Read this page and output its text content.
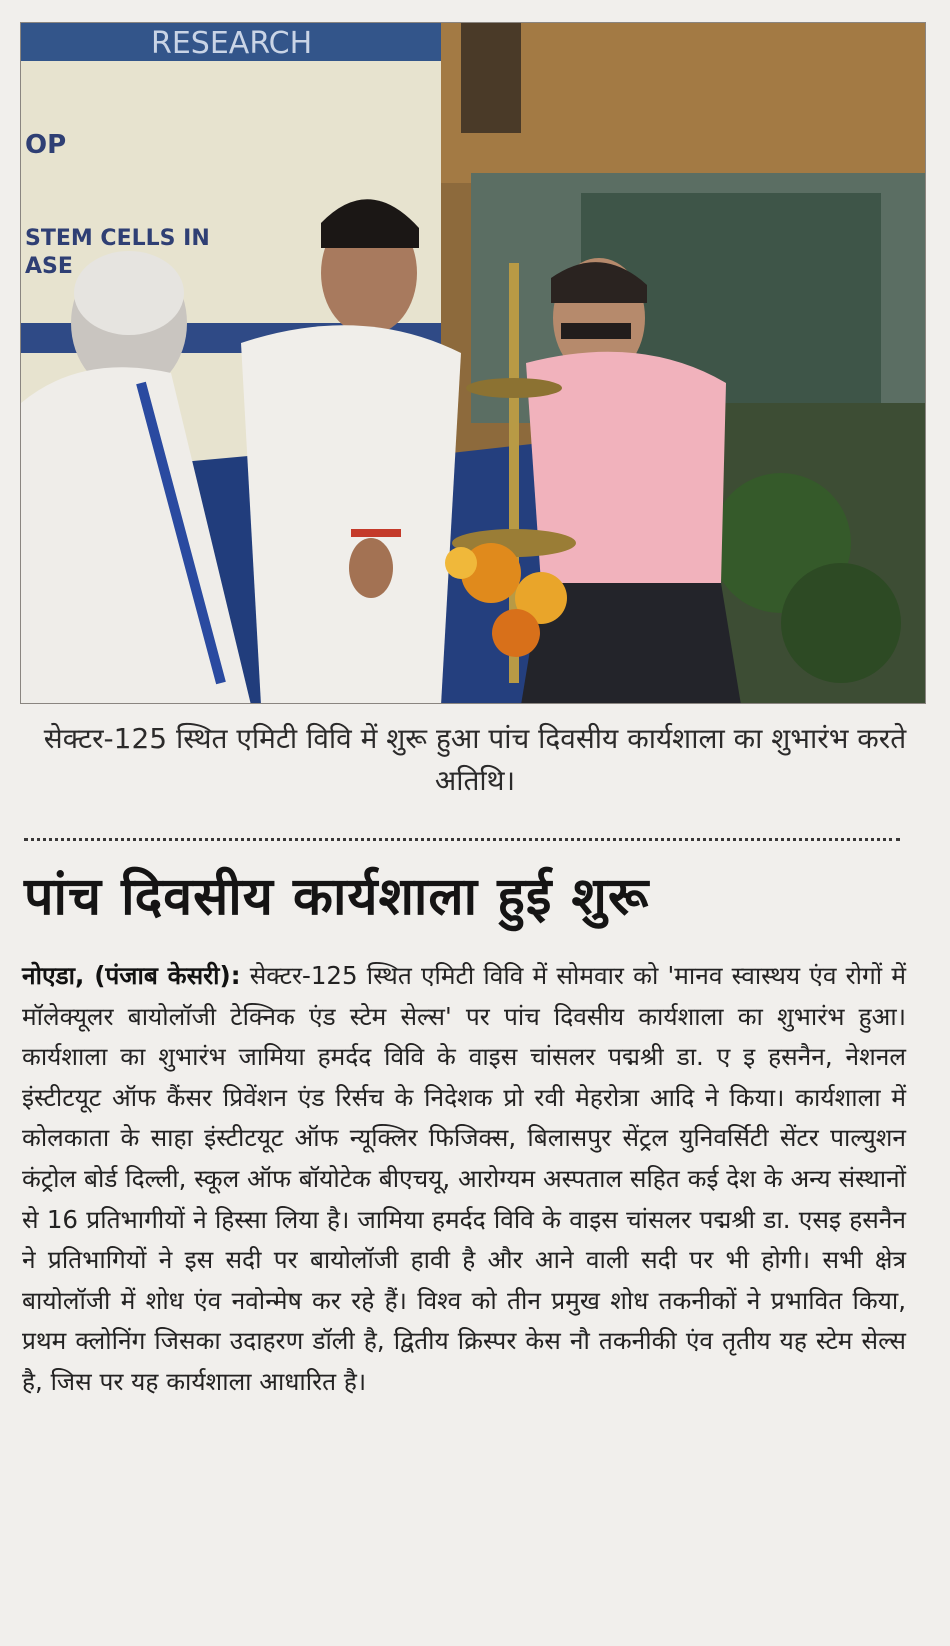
RESEARCH
OP
STEM CELLS IN
ASE
सेक्टर-125 स्थित एमिटी विवि में शुरू हुआ पांच दिवसीय कार्यशाला का शुभारंभ करते अतिथि।
पांच दिवसीय कार्यशाला हुई शुरू
नोएडा, (पंजाब केसरी): सेक्टर-125 स्थित एमिटी विवि में सोमवार को 'मानव स्वास्थय एंव रोगों में मॉलेक्यूलर बायोलॉजी टेक्निक एंड स्टेम सेल्स' पर पांच दिवसीय कार्यशाला का शुभारंभ हुआ। कार्यशाला का शुभारंभ जामिया हमर्दद विवि के वाइस चांसलर पद्मश्री डा. ए इ हसनैन, नेशनल इंस्टीटयूट ऑफ कैंसर प्रिवेंशन एंड रिर्सच के निदेशक प्रो रवी मेहरोत्रा आदि ने किया। कार्यशाला में कोलकाता के साहा इंस्टीटयूट ऑफ न्यूक्लिर फिजिक्स, बिलासपुर सेंट्रल युनिवर्सिटी सेंटर पाल्युशन कंट्रोल बोर्ड दिल्ली, स्कूल ऑफ बॉयोटेक बीएचयू, आरोग्यम अस्पताल सहित कई देश के अन्य संस्थानों से 16 प्रतिभागीयों ने हिस्सा लिया है। जामिया हमर्दद विवि के वाइस चांसलर पद्मश्री डा. एसइ हसनैन ने प्रतिभागियों ने इस सदी पर बायोलॉजी हावी है और आने वाली सदी पर भी होगी। सभी क्षेत्र बायोलॉजी में शोध एंव नवोन्मेष कर रहे हैं। विश्व को तीन प्रमुख शोध तकनीकों ने प्रभावित किया, प्रथम क्लोनिंग जिसका उदाहरण डॉली है, द्वितीय क्रिस्पर केस नौ तकनीकी एंव तृतीय यह स्टेम सेल्स है, जिस पर यह कार्यशाला आधारित है।
